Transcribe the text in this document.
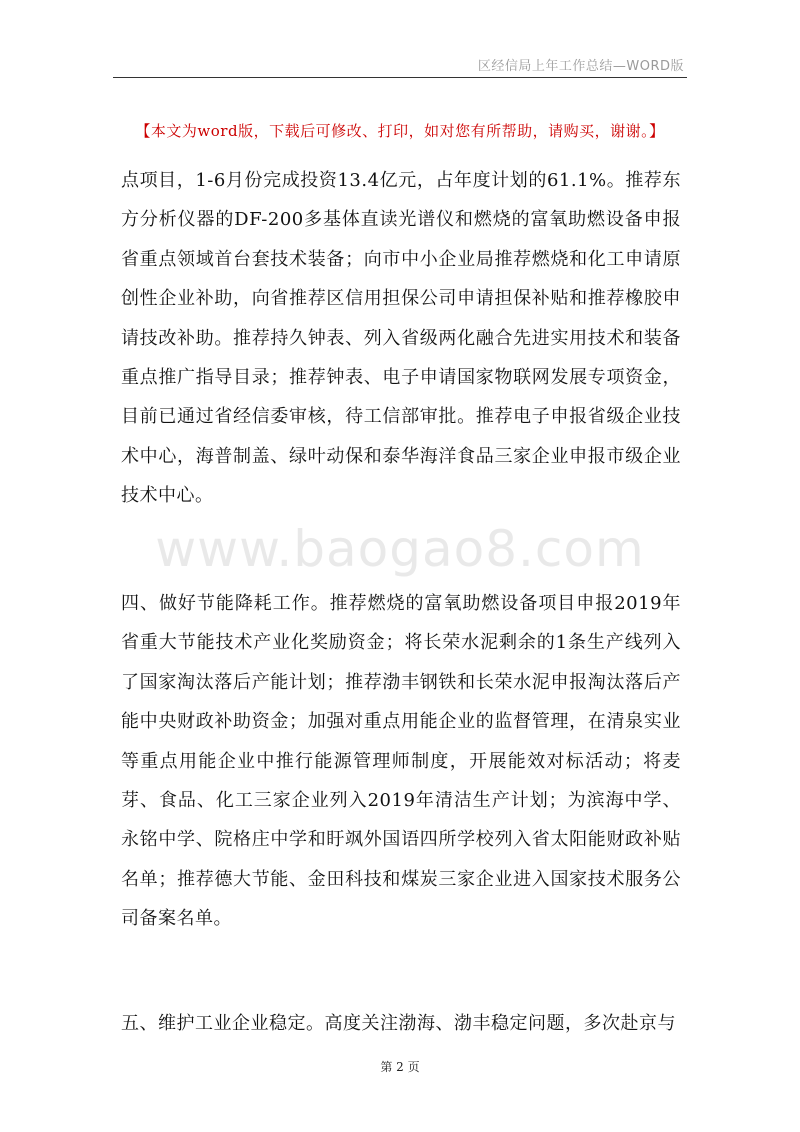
区经信局上年工作总结—WORD版
【本文为word版，下载后可修改、打印，如对您有所帮助，请购买，谢谢。】
www.baogao8.com
点项目，1-6月份完成投资13.4亿元，占年度计划的61.1%。推荐东方分析仪器的DF-200多基体直读光谱仪和燃烧的富氧助燃设备申报省重点领域首台套技术装备；向市中小企业局推荐燃烧和化工申请原创性企业补助，向省推荐区信用担保公司申请担保补贴和推荐橡胶申请技改补助。推荐持久钟表、列入省级两化融合先进实用技术和装备重点推广指导目录；推荐钟表、电子申请国家物联网发展专项资金，目前已通过省经信委审核，待工信部审批。推荐电子申报省级企业技术中心，海普制盖、绿叶动保和泰华海洋食品三家企业申报市级企业技术中心。
四、做好节能降耗工作。推荐燃烧的富氧助燃设备项目申报2019年省重大节能技术产业化奖励资金；将长荣水泥剩余的1条生产线列入了国家淘汰落后产能计划；推荐渤丰钢铁和长荣水泥申报淘汰落后产能中央财政补助资金；加强对重点用能企业的监督管理，在清泉实业等重点用能企业中推行能源管理师制度，开展能效对标活动；将麦芽、食品、化工三家企业列入2019年清洁生产计划；为滨海中学、永铭中学、院格庄中学和盱飒外国语四所学校列入省太阳能财政补贴名单；推荐德大节能、金田科技和煤炭三家企业进入国家技术服务公司备案名单。
五、维护工业企业稳定。高度关注渤海、渤丰稳定问题，多次赴京与
第 2 页
